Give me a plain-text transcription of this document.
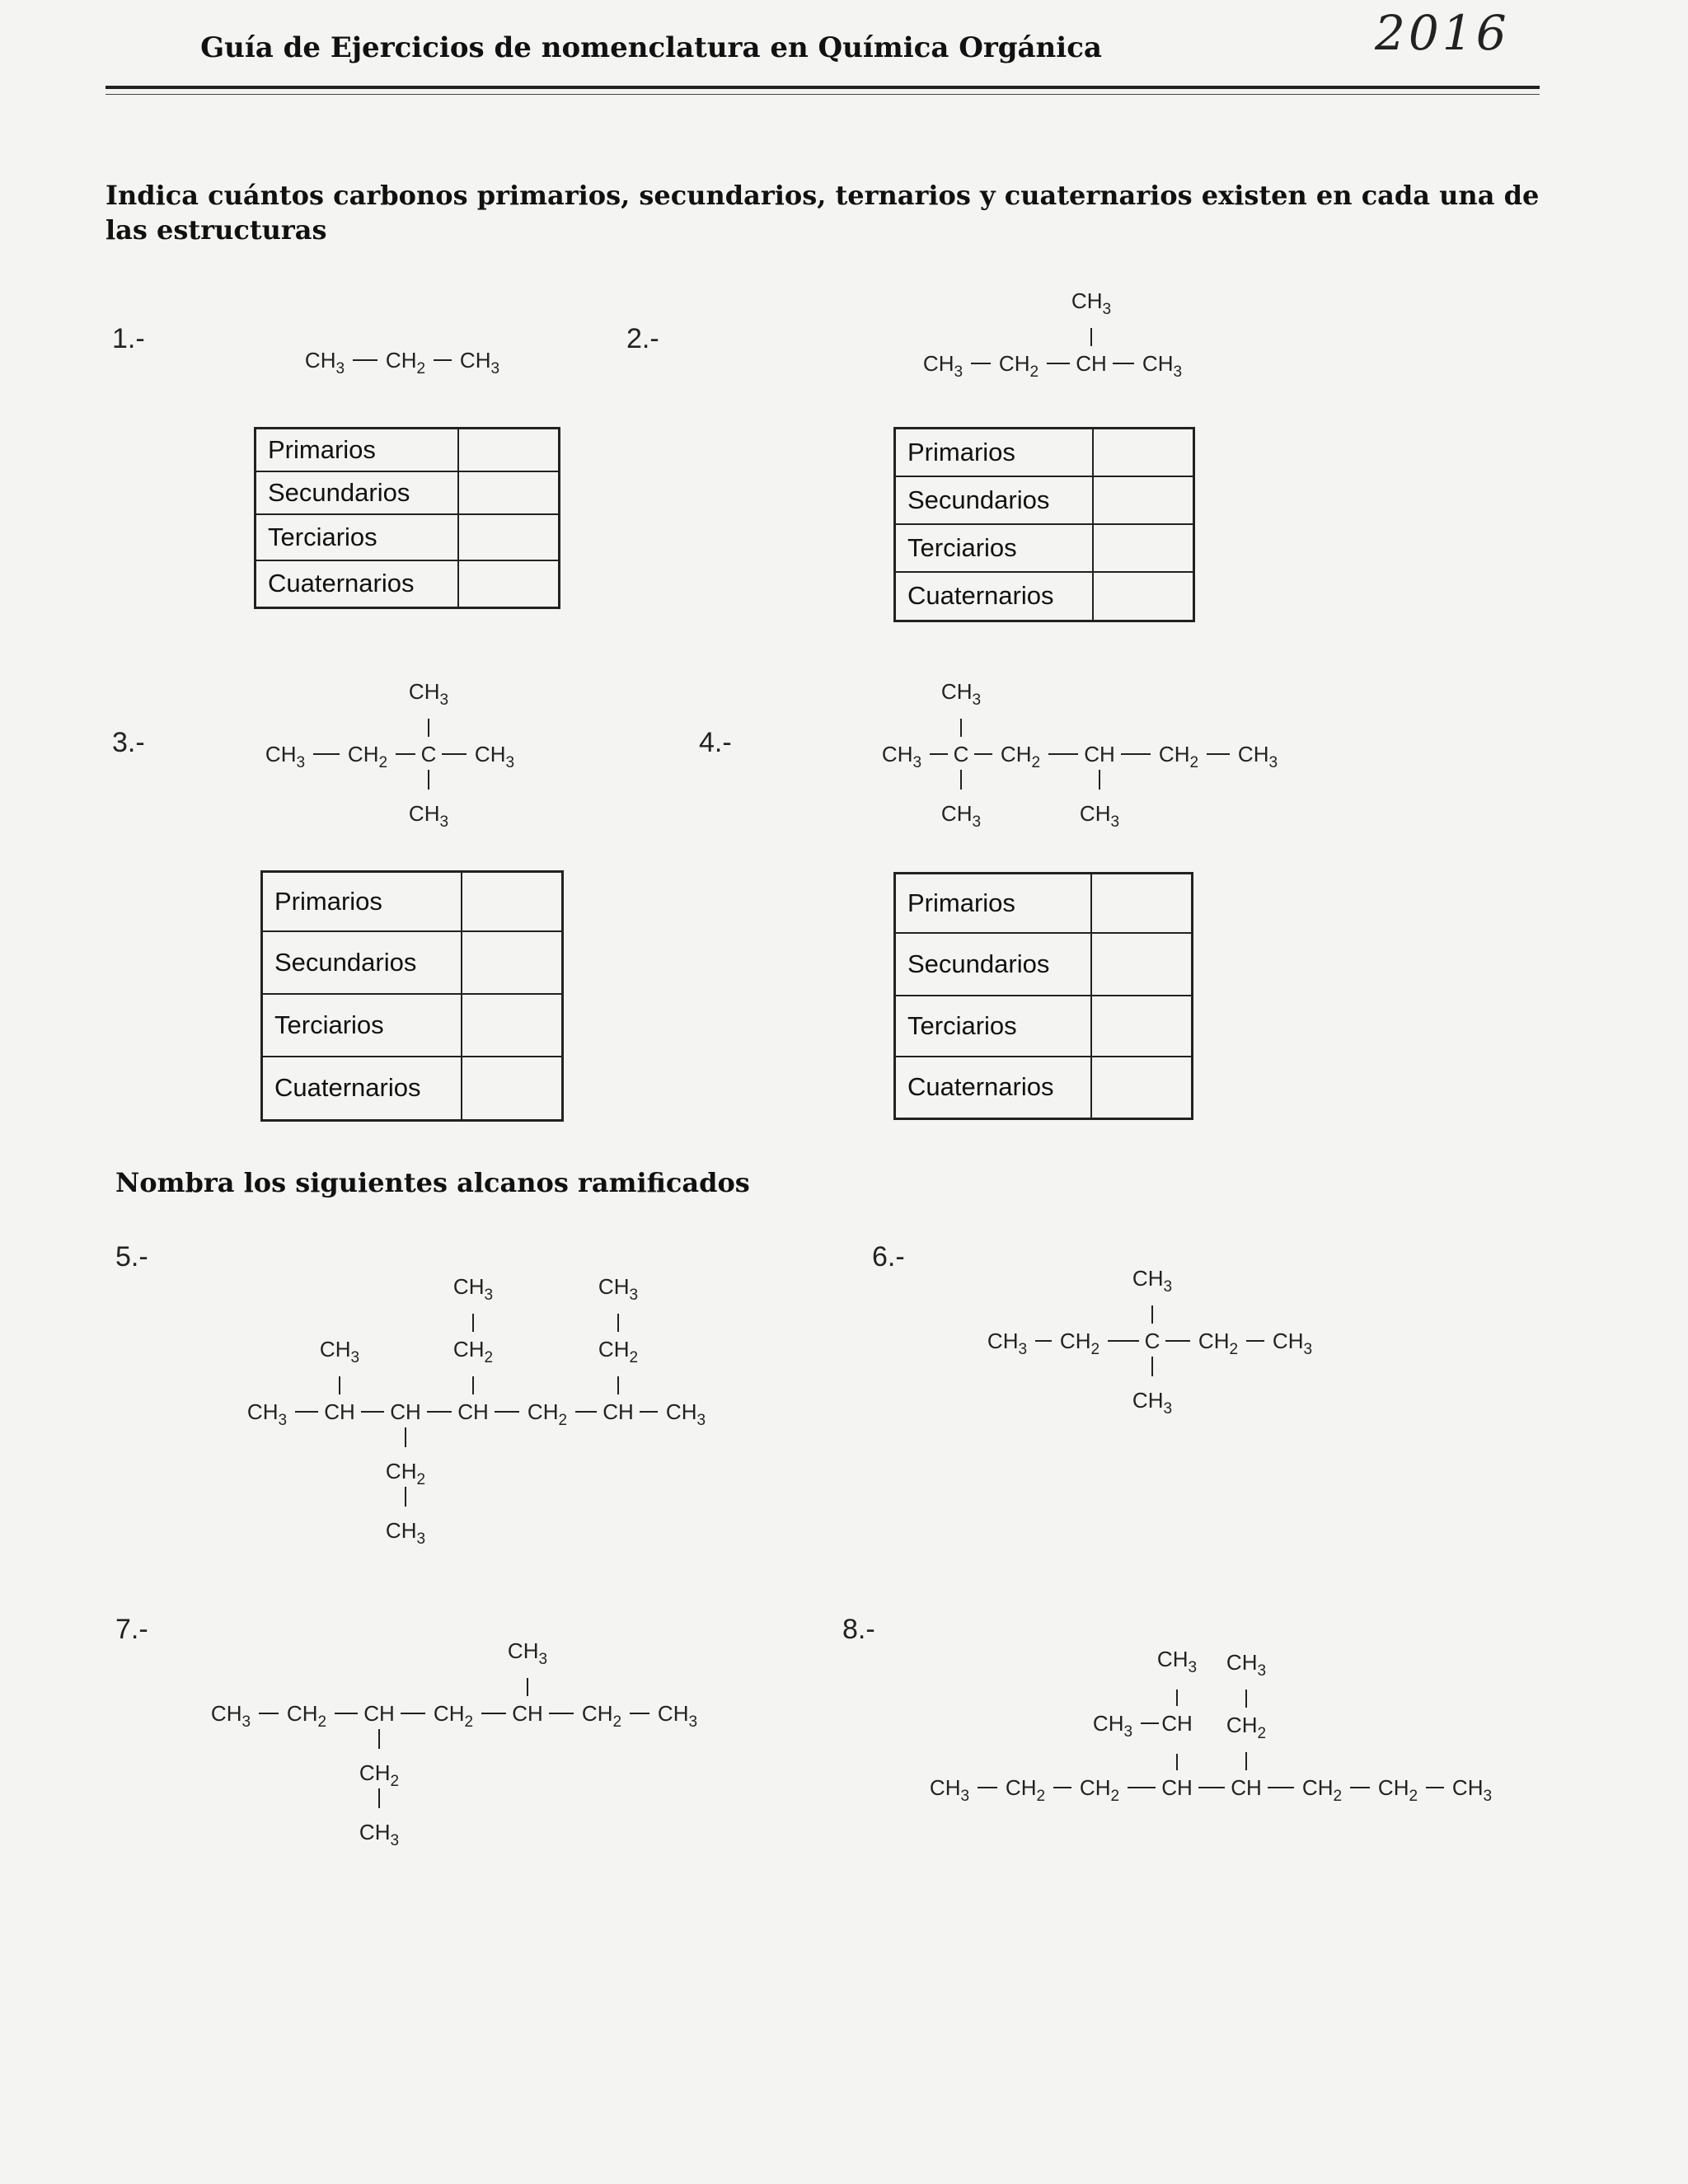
Guía de Ejercicios de nomenclatura en Química Orgánica	2016
Indica cuántos carbonos primarios, secundarios, ternarios y cuaternarios existen en cada una de las estructuras
1.-	2.-
3.-	4.-
Primarios	
Secundarios	
Terciarios	
Cuaternarios	
Primarios	
Secundarios	
Terciarios	
Cuaternarios	
Primarios	
Secundarios	
Terciarios	
Cuaternarios	
Primarios	
Secundarios	
Terciarios	
Cuaternarios	
Nombra los siguientes alcanos ramificados
5.-	6.-
7.-	8.-
$CH_3$ $CH_2$ $CH_3$	$CH_3$ $CH_2$ CH $CH_3$
$CH_3$
$CH_3$ $CH_2$ C $CH_3$
$CH_3$
$CH_3$
$CH_3$ C $CH_2$ CH $CH_2$ $CH_3$
$CH_3$
$CH_3$	$CH_3$
$CH_3$ CH CH CH $CH_2$ CH $CH_3$
$CH_3$	$CH_2$
$CH_3$
$CH_2$
$CH_3$
$CH_2$
$CH_3$
$CH_3$ $CH_2$ C $CH_2$ $CH_3$
$CH_3$
$CH_3$
$CH_3$ $CH_2$ CH $CH_2$ CH $CH_2$ $CH_3$
$CH_3$
$CH_2$
$CH_3$
$CH_3$ $CH_2$ $CH_2$ CH CH $CH_2$ $CH_2$ $CH_3$
$CH_3$ CH
$CH_3$
$CH_2$
$CH_3$
